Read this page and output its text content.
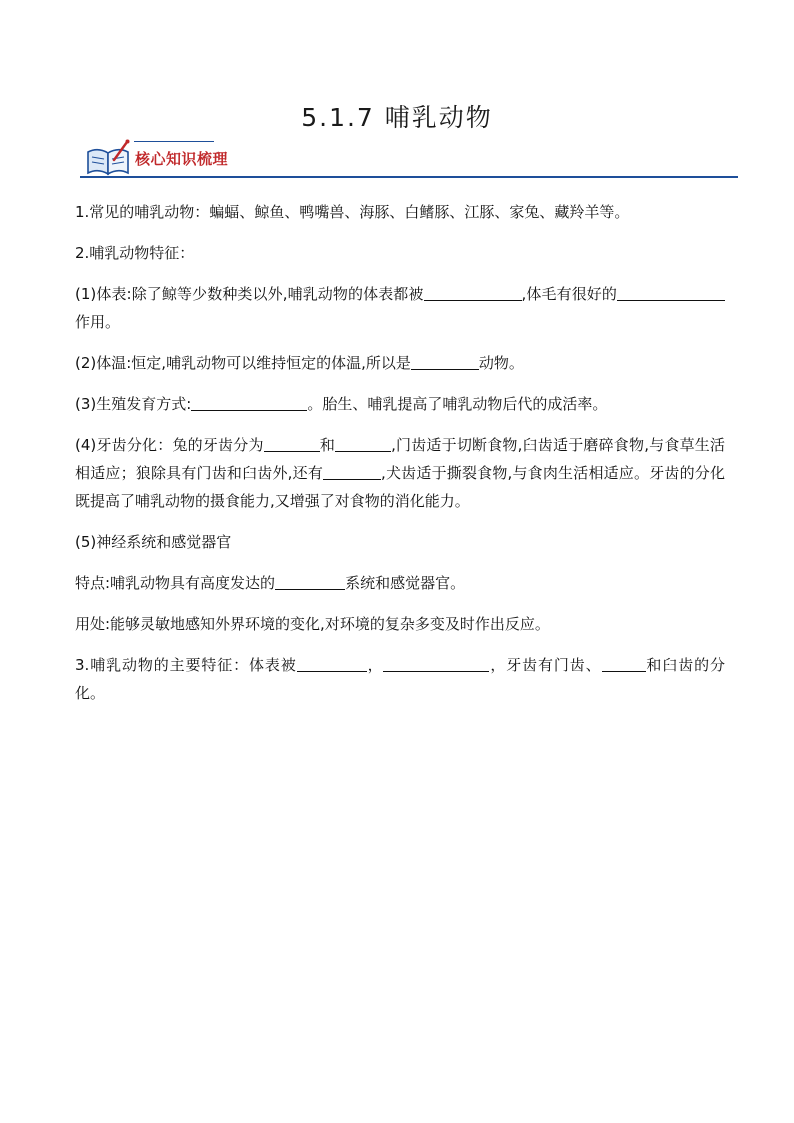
5.1.7 哺乳动物
核心知识梳理

1.常见的哺乳动物：蝙蝠、鲸鱼、鸭嘴兽、海豚、白鳍豚、江豚、家兔、藏羚羊等。

2.哺乳动物特征：

(1)体表:除了鲸等少数种类以外,哺乳动物的体表都被	,体毛有很好的作用。

(2)体温:恒定,哺乳动物可以维持恒定的体温,所以是	动物。

(3)生殖发育方式:	。胎生、哺乳提高了哺乳动物后代的成活率。

(4)牙齿分化：兔的牙齿分为	和	,门齿适于切断食物,臼齿适于磨碎食物,与食草生活相适应；狼除具有门齿和臼齿外,还有	,犬齿适于撕裂食物,与食肉生活相适应。牙齿的分化既提高了哺乳动物的摄食能力,又增强了对食物的消化能力。

(5)神经系统和感觉器官

特点:哺乳动物具有高度发达的	系统和感觉器官。

用处:能够灵敏地感知外界环境的变化,对环境的复杂多变及时作出反应。

3.哺乳动物的主要特征：体表被	，	，牙齿有门齿、	和臼齿的分化。
